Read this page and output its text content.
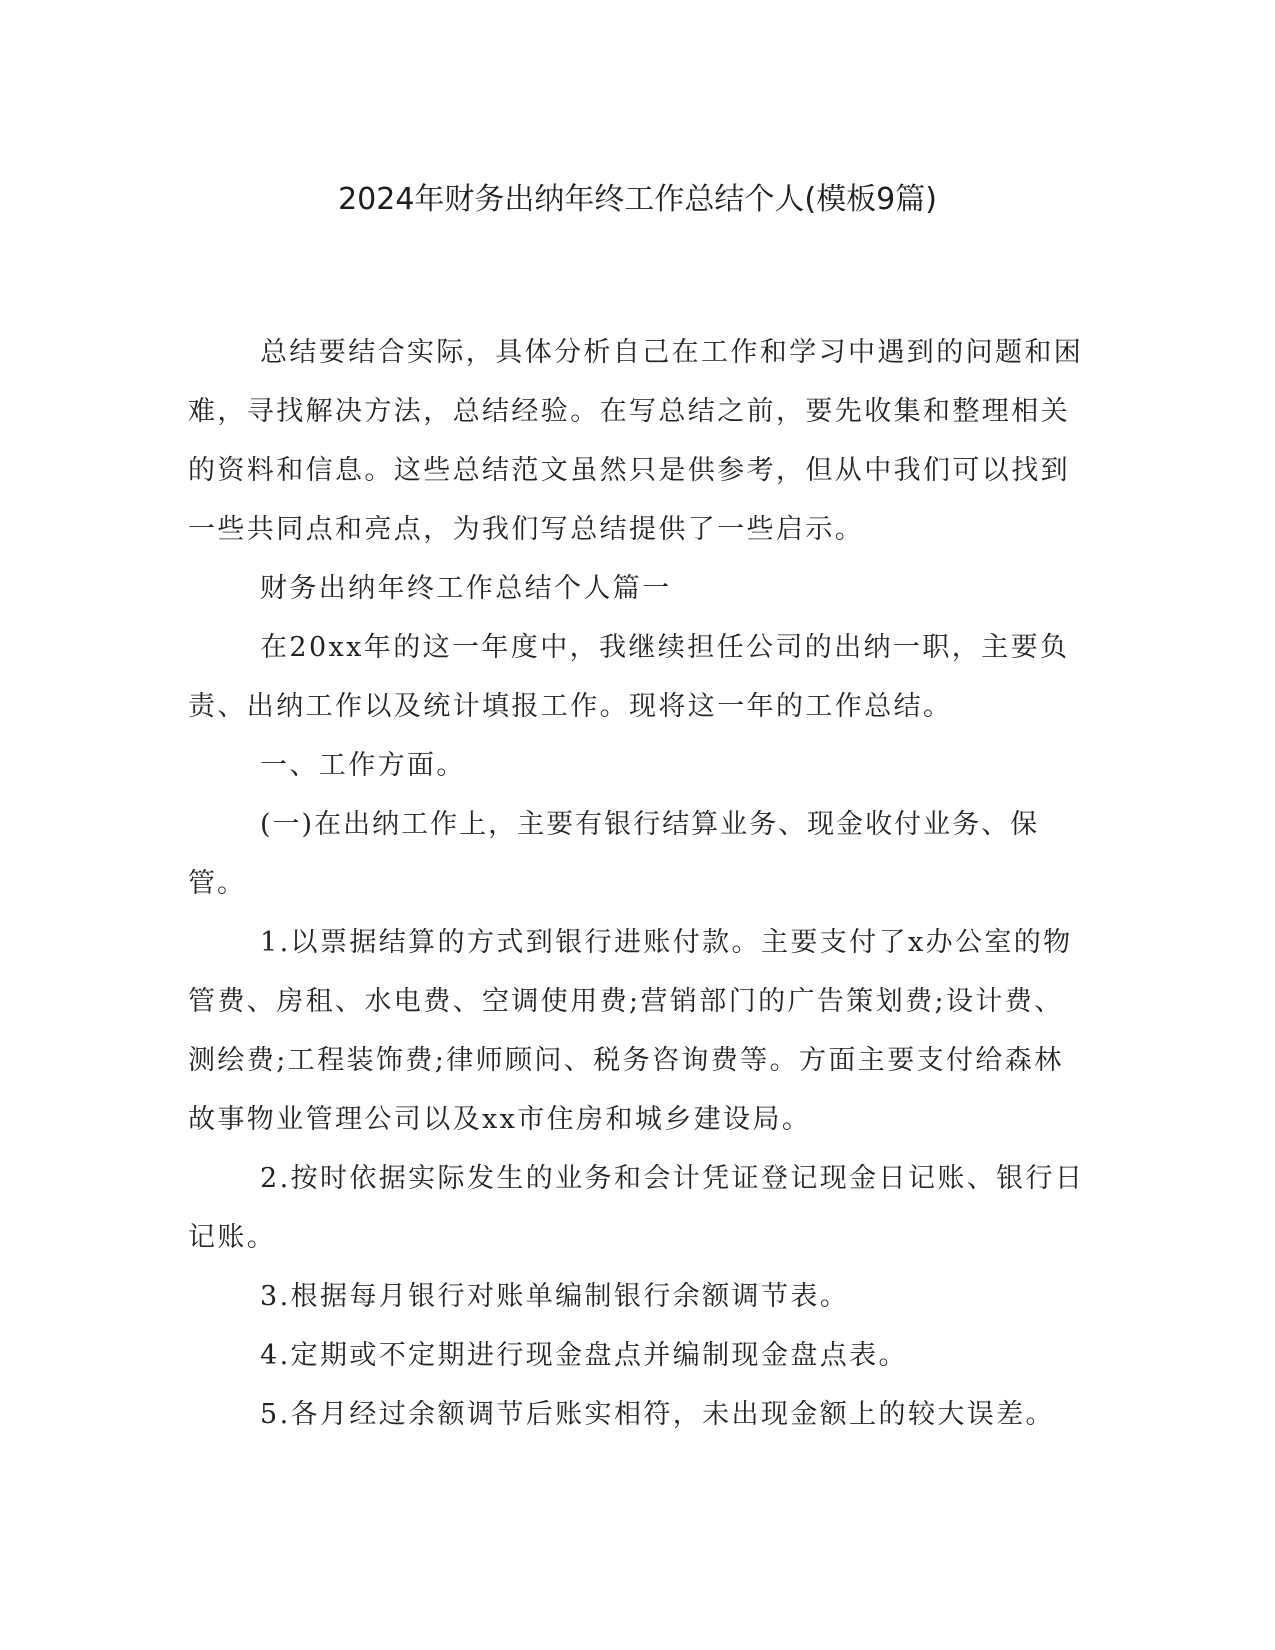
2024年财务出纳年终工作总结个人(模板9篇)

总结要结合实际，具体分析自己在工作和学习中遇到的问题和困难，寻找解决方法，总结经验。在写总结之前，要先收集和整理相关的资料和信息。这些总结范文虽然只是供参考，但从中我们可以找到一些共同点和亮点，为我们写总结提供了一些启示。

财务出纳年终工作总结个人篇一

在20xx年的这一年度中，我继续担任公司的出纳一职，主要负责、出纳工作以及统计填报工作。现将这一年的工作总结。

一、工作方面。

(一)在出纳工作上，主要有银行结算业务、现金收付业务、保管。

1.以票据结算的方式到银行进账付款。主要支付了x办公室的物管费、房租、水电费、空调使用费;营销部门的广告策划费;设计费、测绘费;工程装饰费;律师顾问、税务咨询费等。方面主要支付给森林故事物业管理公司以及xx市住房和城乡建设局。

2.按时依据实际发生的业务和会计凭证登记现金日记账、银行日记账。

3.根据每月银行对账单编制银行余额调节表。

4.定期或不定期进行现金盘点并编制现金盘点表。

5.各月经过余额调节后账实相符，未出现金额上的较大误差。
